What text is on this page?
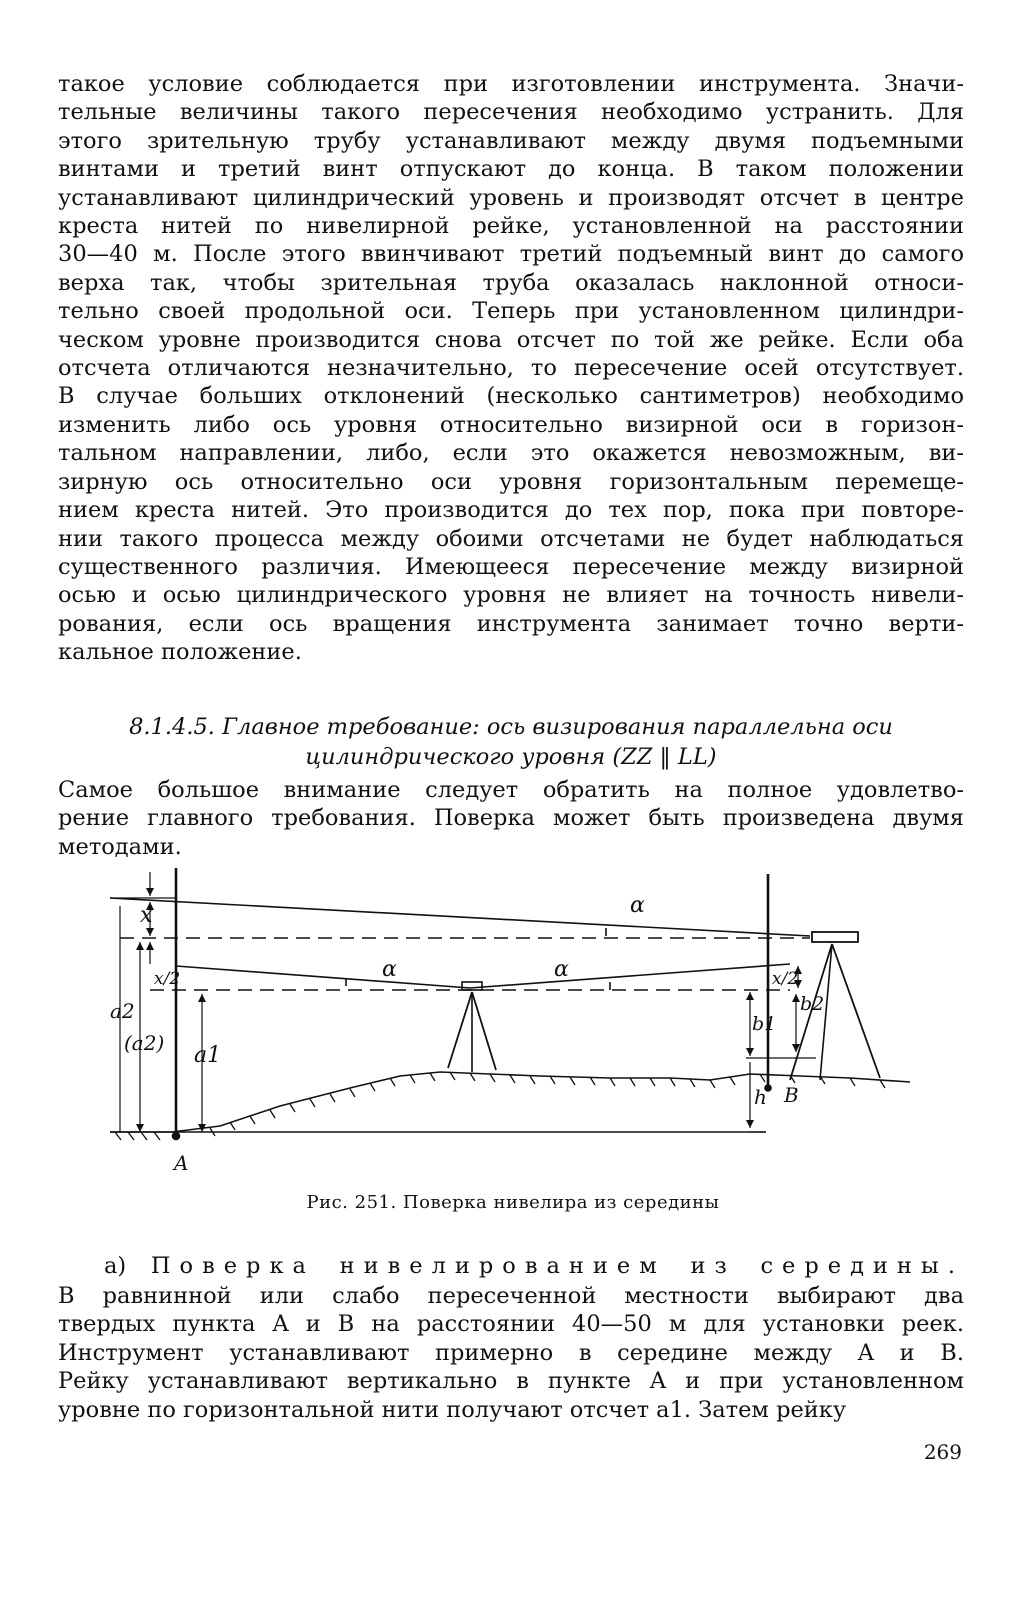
такое условие соблюдается при изготовлении инструмента. Значи-
тельные величины такого пересечения необходимо устранить. Для
этого зрительную трубу устанавливают между двумя подъемными
винтами и третий винт отпускают до конца. В таком положении
устанавливают цилиндрический уровень и производят отсчет в центре
креста нитей по нивелирной рейке, установленной на расстоянии
30—40 м. После этого ввинчивают третий подъемный винт до самого
верха так, чтобы зрительная труба оказалась наклонной относи-
тельно своей продольной оси. Теперь при установленном цилиндри-
ческом уровне производится снова отсчет по той же рейке. Если оба
отсчета отличаются незначительно, то пересечение осей отсутствует.
В случае больших отклонений (несколько сантиметров) необходимо
изменить либо ось уровня относительно визирной оси в горизон-
тальном направлении, либо, если это окажется невозможным, ви-
зирную ось относительно оси уровня горизонтальным перемеще-
нием креста нитей. Это производится до тех пор, пока при повторе-
нии такого процесса между обоими отсчетами не будет наблюдаться
существенного различия. Имеющееся пересечение между визирной
осью и осью цилиндрического уровня не влияет на точность нивели-
рования, если ось вращения инструмента занимает точно верти-
кальное положение.
8.1.4.5. Главное требование: ось визирования параллельна оси
цилиндрического уровня (ZZ ‖ LL)
Самое большое внимание следует обратить на полное удовлетво-
рение главного требования. Поверка может быть произведена двумя
методами.
x	α
α	α
x/2	x/2
a2
(a2) a1
b1
b2
h B
A
Рис. 251. Поверка нивелира из середины
а) Поверка нивелированием из середины.
В равнинной или слабо пересеченной местности выбирают два
твердых пункта A и B на расстоянии 40—50 м для установки реек.
Инструмент устанавливают примерно в середине между A и B.
Рейку устанавливают вертикально в пункте A и при установленном
уровне по горизонтальной нити получают отсчет a1. Затем рейку
269
